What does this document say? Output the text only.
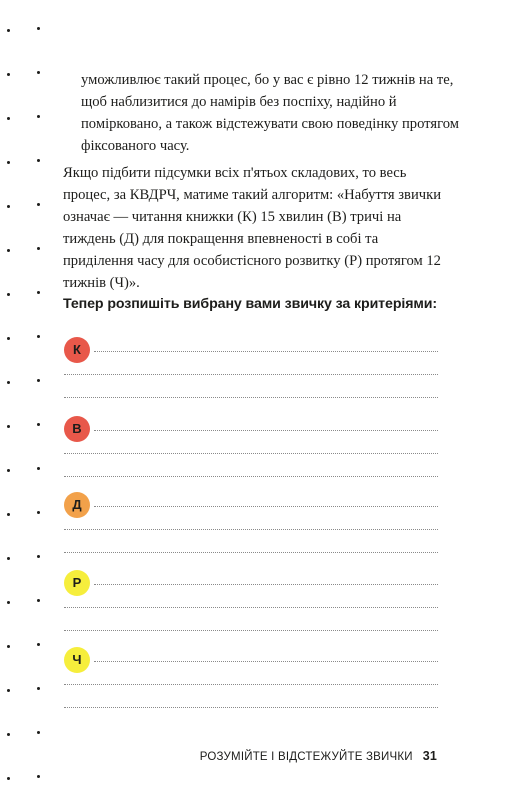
уможливлює такий процес, бо у вас є рівно 12 тижнів на те, щоб наблизитися до намірів без поспіху, надійно й поміркованo, а також відстежувати свою поведінку протягом фіксованого часу.
Якщо підбити підсумки всіх п'ятьох складових, то весь процес, за КВДРЧ, матиме такий алгоритм: «Набуття звички означає — читання книжки (К) 15 хвилин (В) тричі на тиждень (Д) для покращення впевненості в собі та приділення часу для особистісного розвитку (Р) протягом 12 тижнів (Ч)».
Тепер розпишіть вибрану вами звичку за критеріями:
К
В
Д
Р
Ч
РОЗУМІЙТЕ І ВІДСТЕЖУЙТЕ ЗВИЧКИ 31
